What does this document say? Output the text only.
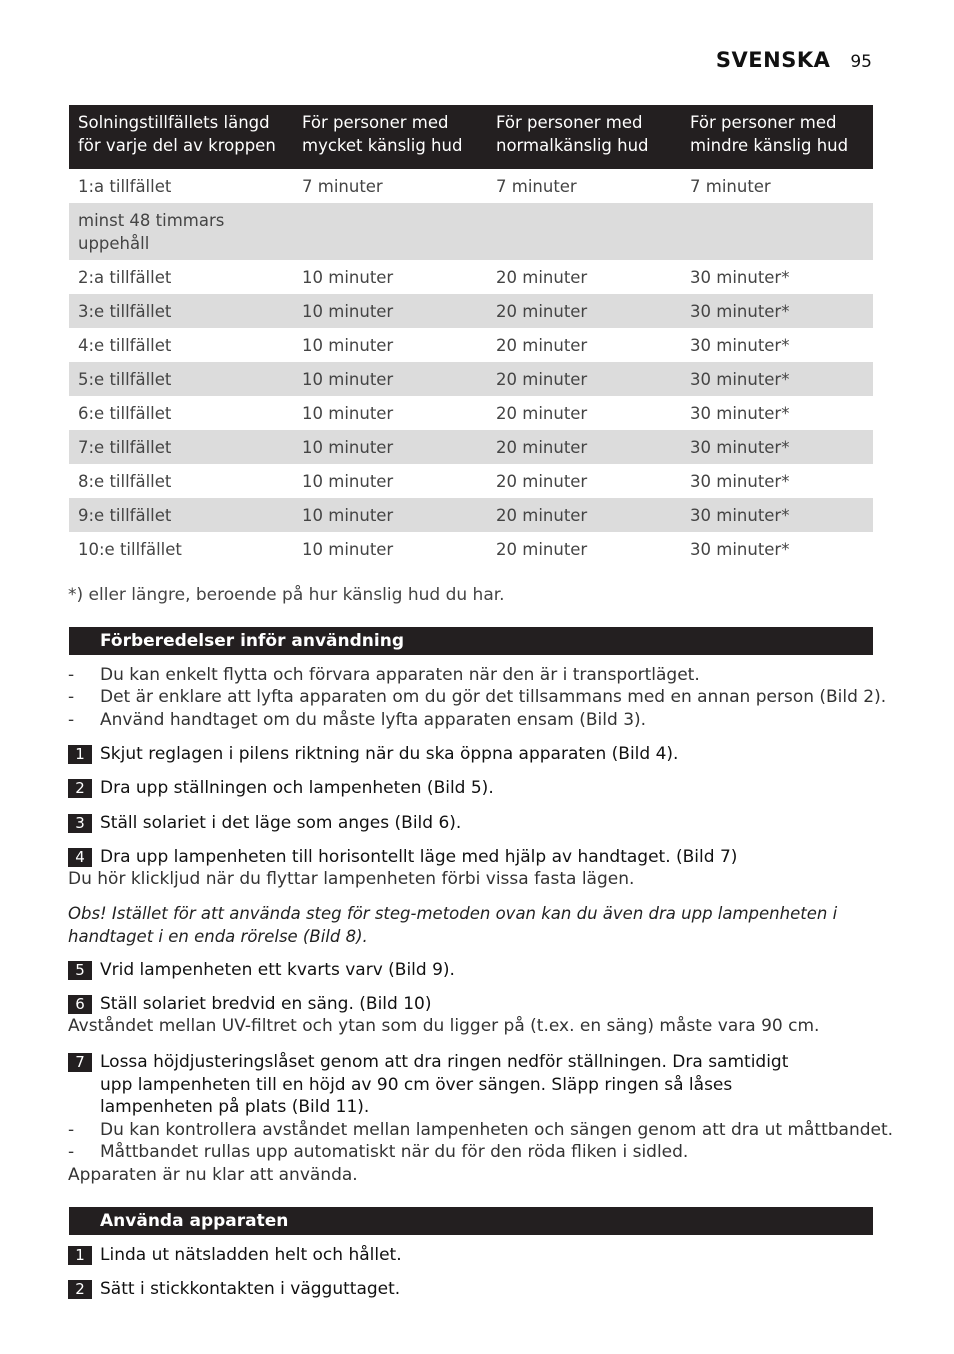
SVENSKA 95
Solningstillfällets längd för varje del av kroppen	För personer med mycket känslig hud	För personer med normalkänslig hud	För personer med mindre känslig hud
1:a tillfället	7 minuter	7 minuter	7 minuter
minst 48 timmars uppehåll			
2:a tillfället	10 minuter	20 minuter	30 minuter*
3:e tillfället	10 minuter	20 minuter	30 minuter*
4:e tillfället	10 minuter	20 minuter	30 minuter*
5:e tillfället	10 minuter	20 minuter	30 minuter*
6:e tillfället	10 minuter	20 minuter	30 minuter*
7:e tillfället	10 minuter	20 minuter	30 minuter*
8:e tillfället	10 minuter	20 minuter	30 minuter*
9:e tillfället	10 minuter	20 minuter	30 minuter*
10:e tillfället	10 minuter	20 minuter	30 minuter*
*) eller längre, beroende på hur känslig hud du har.
Förberedelser inför användning
- Du kan enkelt flytta och förvara apparaten när den är i transportläget.
- Det är enklare att lyfta apparaten om du gör det tillsammans med en annan person (Bild 2).
- Använd handtaget om du måste lyfta apparaten ensam (Bild 3).
1 Skjut reglagen i pilens riktning när du ska öppna apparaten (Bild 4).
2 Dra upp ställningen och lampenheten (Bild 5).
3 Ställ solariet i det läge som anges (Bild 6).
4 Dra upp lampenheten till horisontellt läge med hjälp av handtaget. (Bild 7)
Du hör klickljud när du flyttar lampenheten förbi vissa fasta lägen.
Obs! Istället för att använda steg för steg-metoden ovan kan du även dra upp lampenheten i handtaget i en enda rörelse (Bild 8).
5 Vrid lampenheten ett kvarts varv (Bild 9).
6 Ställ solariet bredvid en säng. (Bild 10)
Avståndet mellan UV-filtret och ytan som du ligger på (t.ex. en säng) måste vara 90 cm.
7 Lossa höjdjusteringslåset genom att dra ringen nedför ställningen. Dra samtidigt upp lampenheten till en höjd av 90 cm över sängen. Släpp ringen så låses lampenheten på plats (Bild 11).
- Du kan kontrollera avståndet mellan lampenheten och sängen genom att dra ut måttbandet.
- Måttbandet rullas upp automatiskt när du för den röda fliken i sidled.
Apparaten är nu klar att använda.
Använda apparaten
1 Linda ut nätsladden helt och hållet.
2 Sätt i stickkontakten i vägguttaget.
